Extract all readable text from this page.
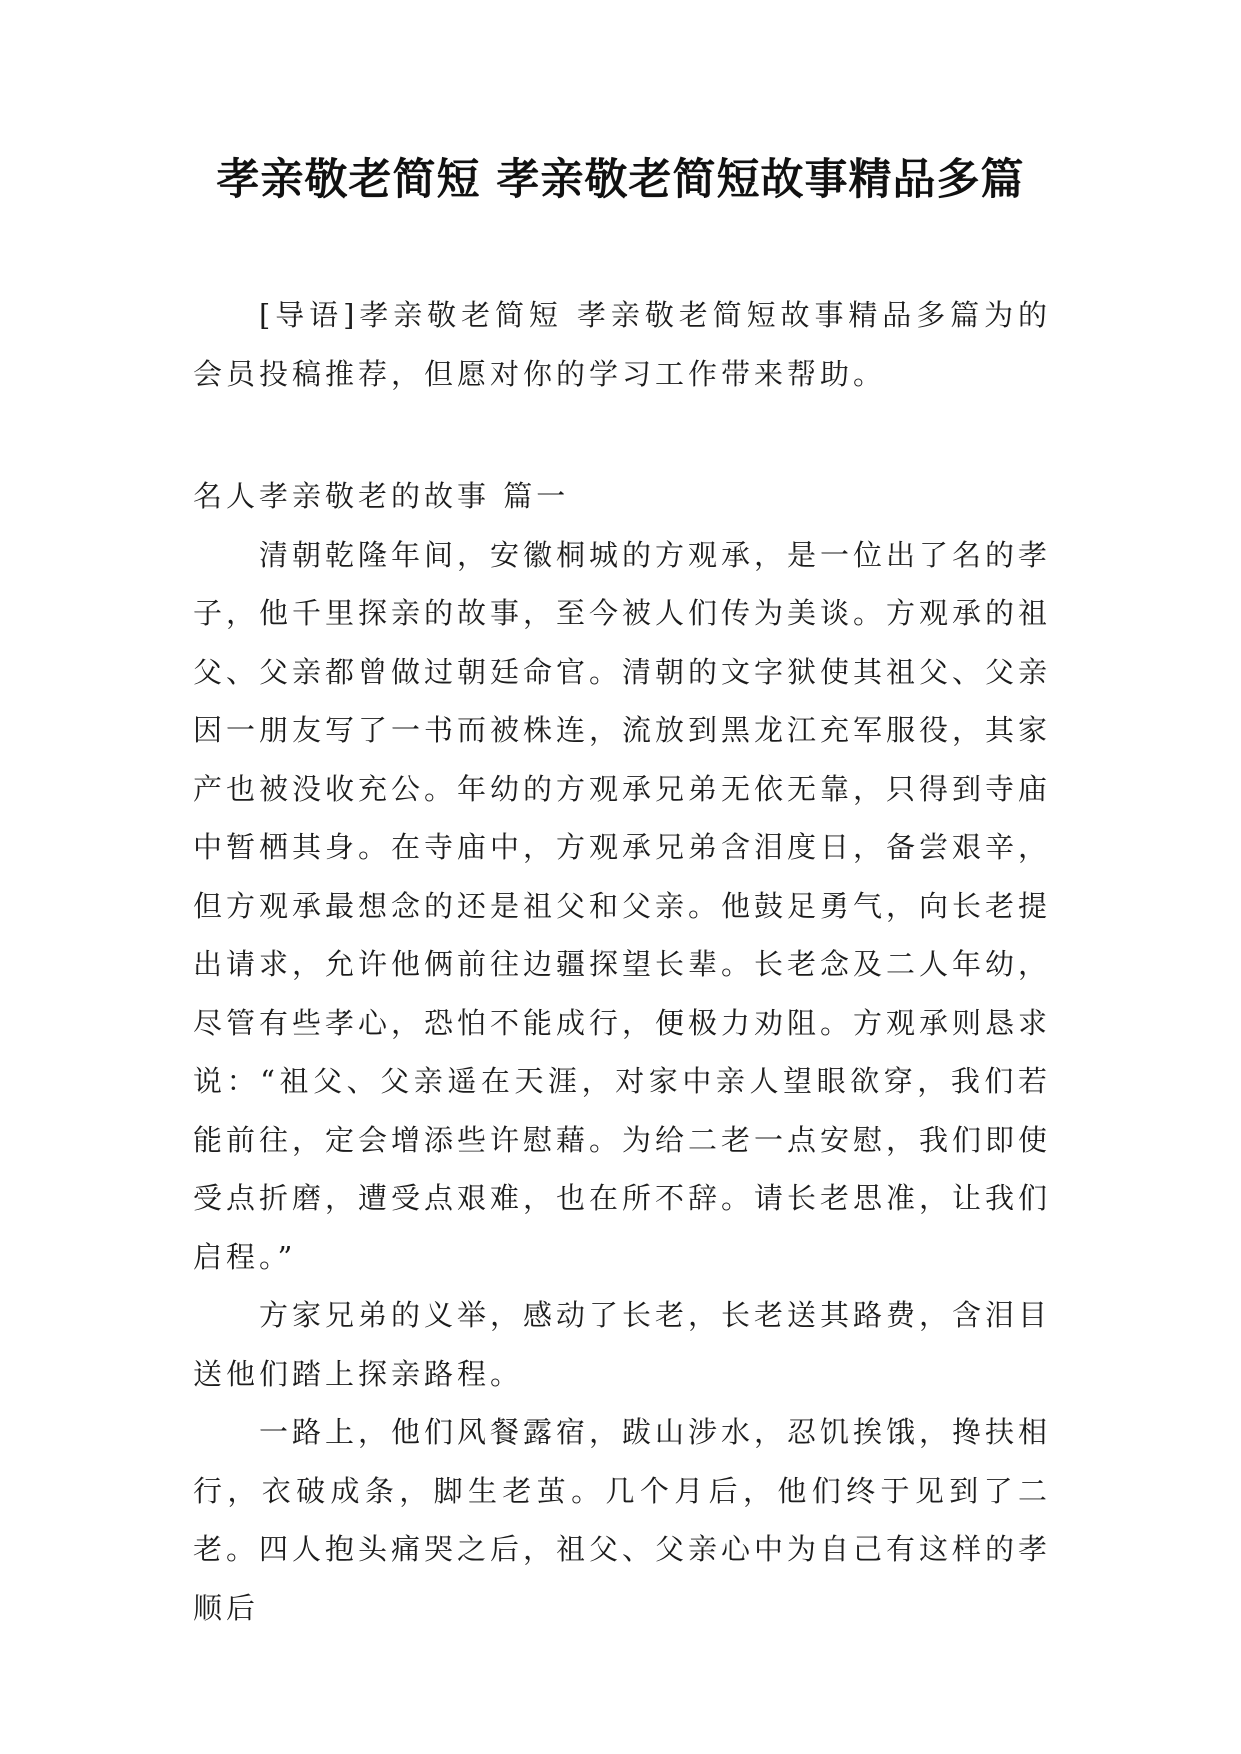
孝亲敬老简短 孝亲敬老简短故事精品多篇

[导语]孝亲敬老简短 孝亲敬老简短故事精品多篇为的会员投稿推荐，但愿对你的学习工作带来帮助。

名人孝亲敬老的故事 篇一

清朝乾隆年间，安徽桐城的方观承，是一位出了名的孝子，他千里探亲的故事，至今被人们传为美谈。方观承的祖父、父亲都曾做过朝廷命官。清朝的文字狱使其祖父、父亲因一朋友写了一书而被株连，流放到黑龙江充军服役，其家产也被没收充公。年幼的方观承兄弟无依无靠，只得到寺庙中暂栖其身。在寺庙中，方观承兄弟含泪度日，备尝艰辛，但方观承最想念的还是祖父和父亲。他鼓足勇气，向长老提出请求，允许他俩前往边疆探望长辈。长老念及二人年幼，尽管有些孝心，恐怕不能成行，便极力劝阻。方观承则恳求说：“祖父、父亲遥在天涯，对家中亲人望眼欲穿，我们若能前往，定会增添些许慰藉。为给二老一点安慰，我们即使受点折磨，遭受点艰难，也在所不辞。请长老思准，让我们启程。”

方家兄弟的义举，感动了长老，长老送其路费，含泪目送他们踏上探亲路程。

一路上，他们风餐露宿，跋山涉水，忍饥挨饿，搀扶相行，衣破成条，脚生老茧。几个月后，他们终于见到了二老。四人抱头痛哭之后，祖父、父亲心中为自己有这样的孝顺后
